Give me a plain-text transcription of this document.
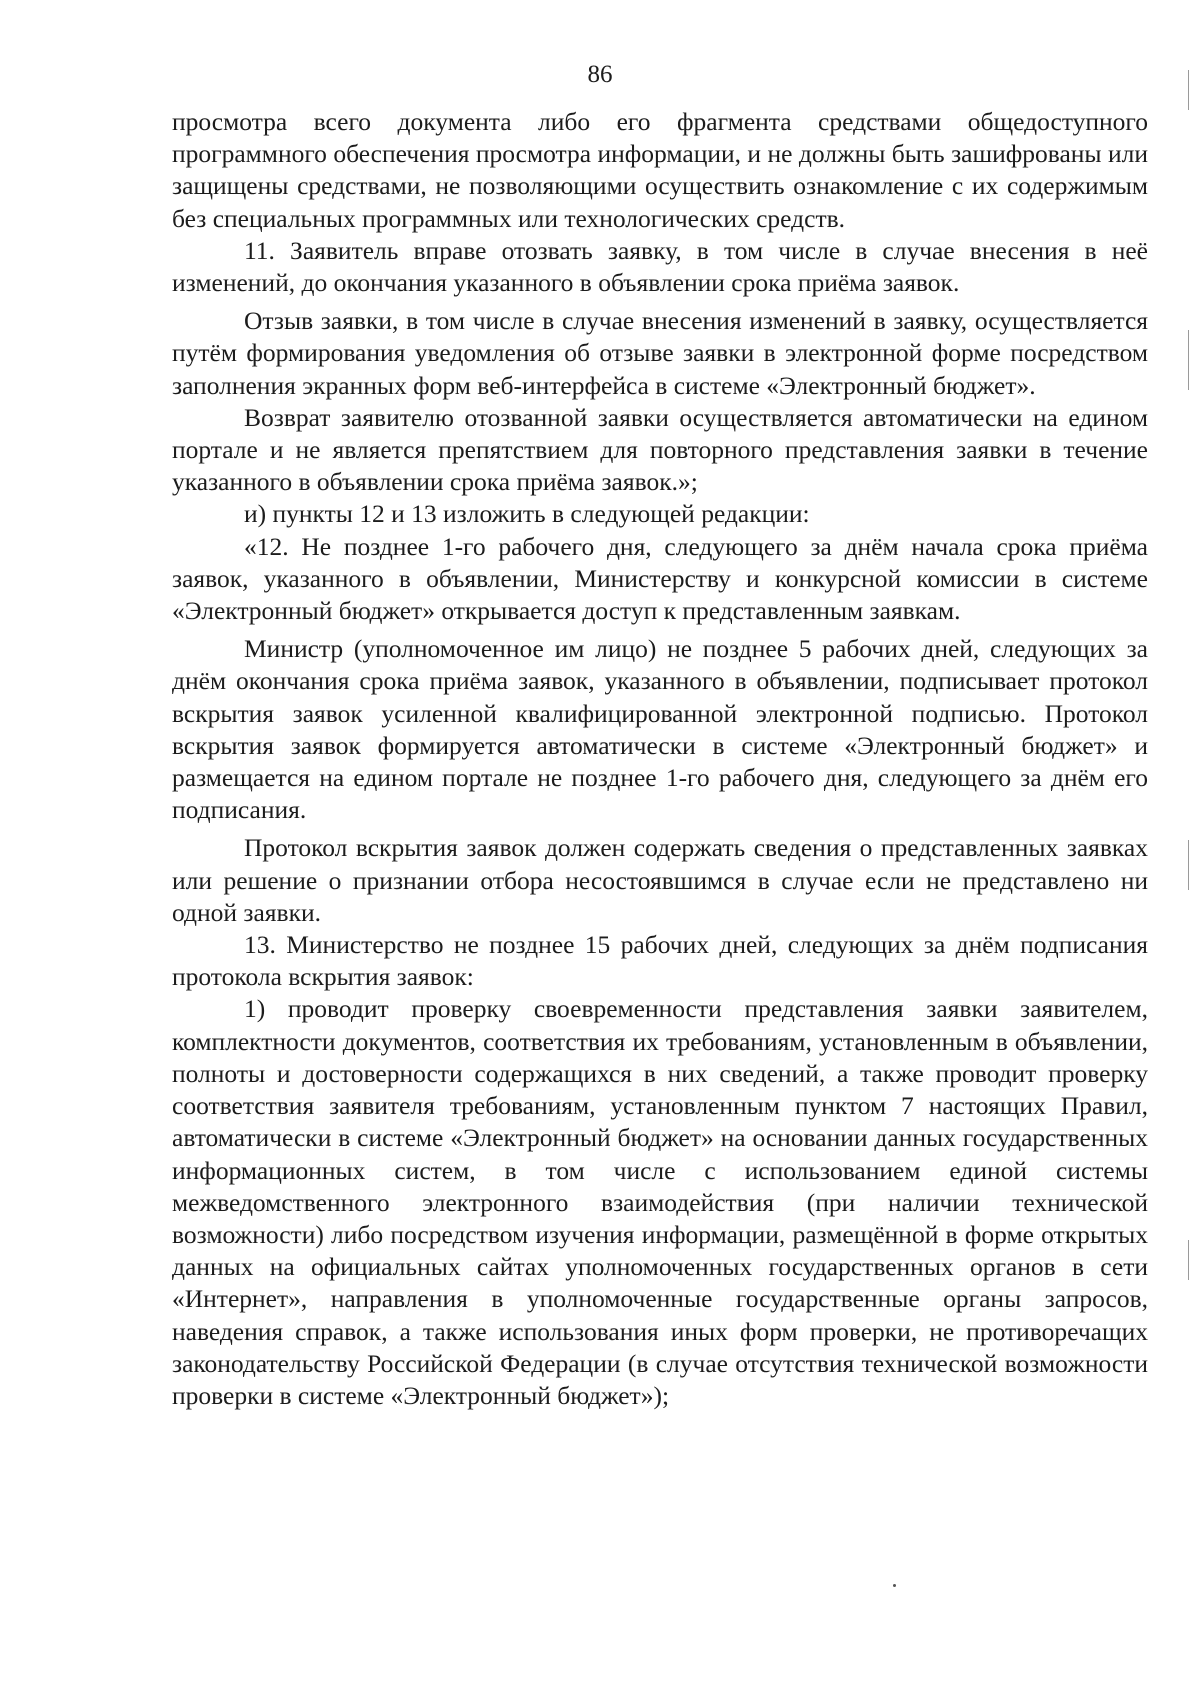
86

просмотра всего документа либо его фрагмента средствами общедоступного программного обеспечения просмотра информации, и не должны быть зашифрованы или защищены средствами, не позволяющими осуществить ознакомление с их содержимым без специальных программных или технологических средств.

11. Заявитель вправе отозвать заявку, в том числе в случае внесения в неё изменений, до окончания указанного в объявлении срока приёма заявок.

Отзыв заявки, в том числе в случае внесения изменений в заявку, осуществляется путём формирования уведомления об отзыве заявки в электронной форме посредством заполнения экранных форм веб-интерфейса в системе «Электронный бюджет».

Возврат заявителю отозванной заявки осуществляется автоматически на едином портале и не является препятствием для повторного представления заявки в течение указанного в объявлении срока приёма заявок.»;

и) пункты 12 и 13 изложить в следующей редакции:

«12. Не позднее 1-го рабочего дня, следующего за днём начала срока приёма заявок, указанного в объявлении, Министерству и конкурсной комиссии в системе «Электронный бюджет» открывается доступ к представленным заявкам.

Министр (уполномоченное им лицо) не позднее 5 рабочих дней, следующих за днём окончания срока приёма заявок, указанного в объявлении, подписывает протокол вскрытия заявок усиленной квалифицированной электронной подписью. Протокол вскрытия заявок формируется автоматически в системе «Электронный бюджет» и размещается на едином портале не позднее 1-го рабочего дня, следующего за днём его подписания.

Протокол вскрытия заявок должен содержать сведения о представленных заявках или решение о признании отбора несостоявшимся в случае если не представлено ни одной заявки.

13. Министерство не позднее 15 рабочих дней, следующих за днём подписания протокола вскрытия заявок:

1) проводит проверку своевременности представления заявки заявителем, комплектности документов, соответствия их требованиям, установленным в объявлении, полноты и достоверности содержащихся в них сведений, а также проводит проверку соответствия заявителя требованиям, установленным пунктом 7 настоящих Правил, автоматически в системе «Электронный бюджет» на основании данных государственных информационных систем, в том числе с использованием единой системы межведомственного электронного взаимодействия (при наличии технической возможности) либо посредством изучения информации, размещённой в форме открытых данных на официальных сайтах уполномоченных государственных органов в сети «Интернет», направления в уполномоченные государственные органы запросов, наведения справок, а также использования иных форм проверки, не противоречащих законодательству Российской Федерации (в случае отсутствия технической возможности проверки в системе «Электронный бюджет»);
